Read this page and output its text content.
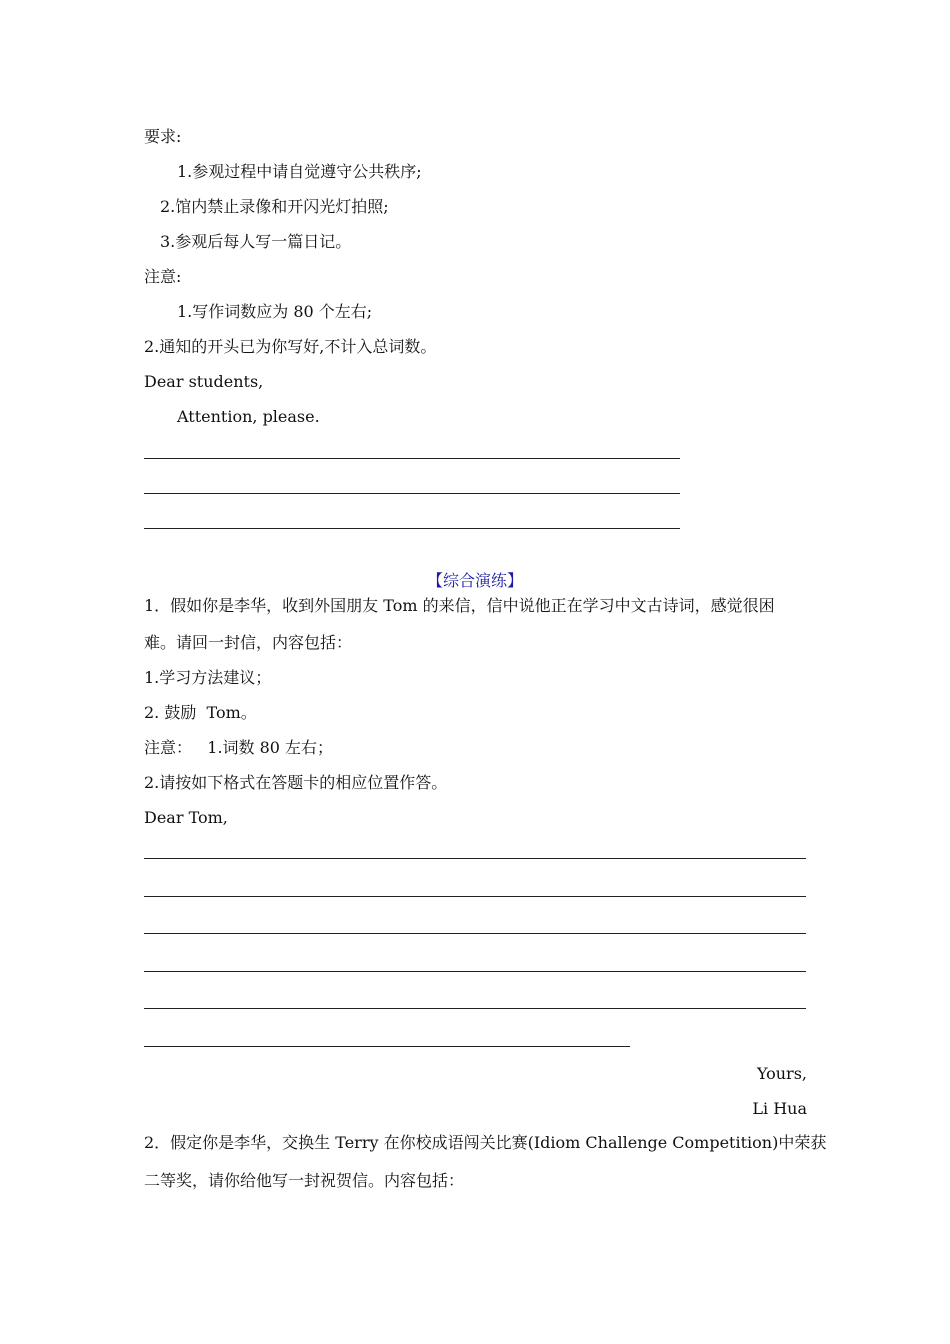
要求:
1.参观过程中请自觉遵守公共秩序;
2.馆内禁止录像和开闪光灯拍照;
3.参观后每人写一篇日记。
注意:
1.写作词数应为 80 个左右;
2.通知的开头已为你写好,不计入总词数。
Dear students,
Attention, please.
【综合演练】
1．假如你是李华，收到外国朋友 Tom 的来信，信中说他正在学习中文古诗词，感觉很困
难。请回一封信，内容包括：
1.学习方法建议；
2. 鼓励  Tom。
注意：   1.词数 80 左右；
2.请按如下格式在答题卡的相应位置作答。
Dear Tom,
Yours,
Li Hua
2．假定你是李华，交换生 Terry 在你校成语闯关比赛(Idiom Challenge Competition)中荣获
二等奖，请你给他写一封祝贺信。内容包括：
